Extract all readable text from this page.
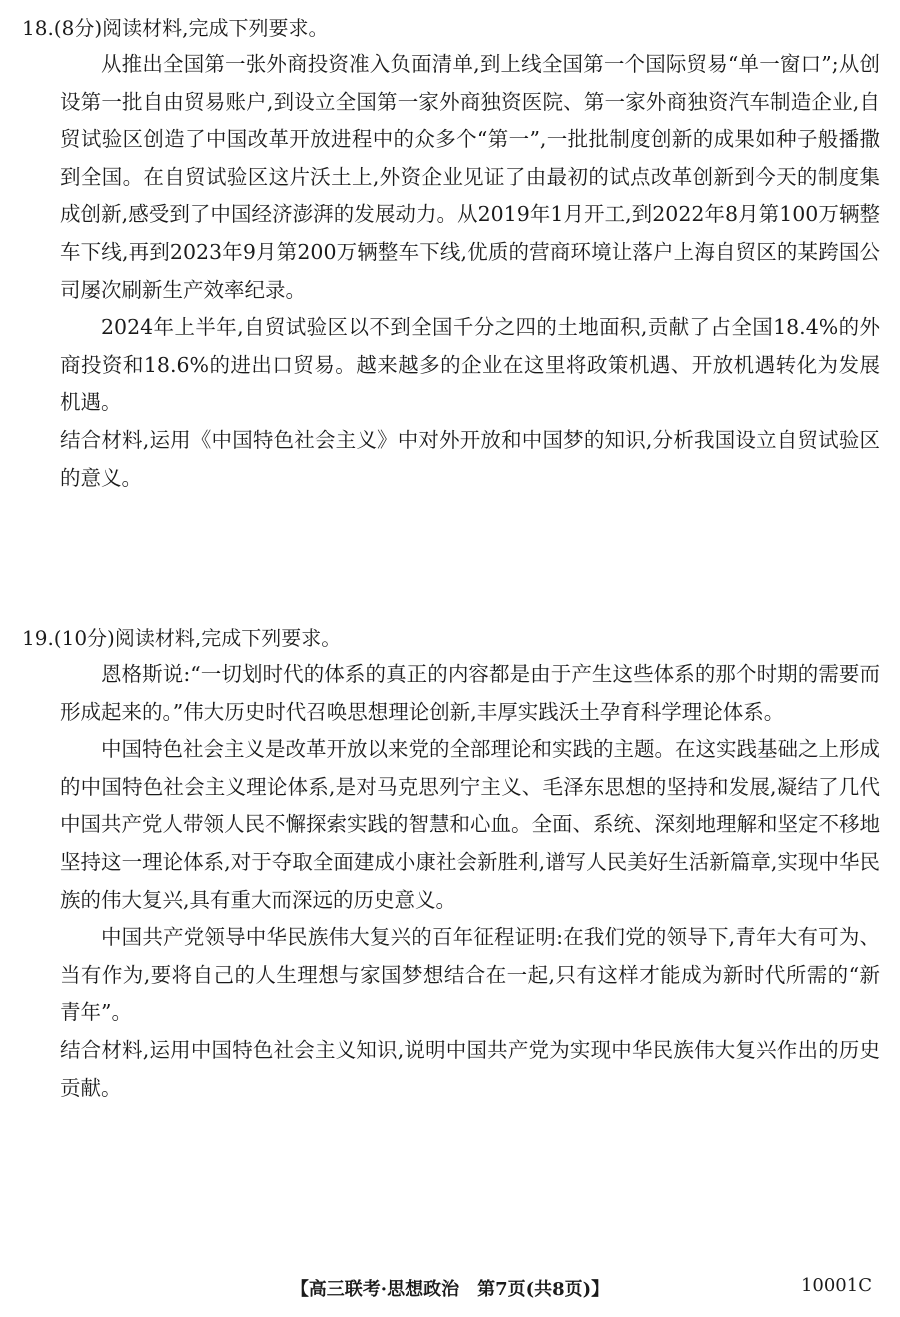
18.(8分)阅读材料,完成下列要求。

从推出全国第一张外商投资准入负面清单,到上线全国第一个国际贸易“单一窗口”;从创设第一批自由贸易账户,到设立全国第一家外商独资医院、第一家外商独资汽车制造企业,自贸试验区创造了中国改革开放进程中的众多个“第一”,一批批制度创新的成果如种子般播撒到全国。在自贸试验区这片沃土上,外资企业见证了由最初的试点改革创新到今天的制度集成创新,感受到了中国经济澎湃的发展动力。从2019年1月开工,到2022年8月第100万辆整车下线,再到2023年9月第200万辆整车下线,优质的营商环境让落户上海自贸区的某跨国公司屡次刷新生产效率纪录。

2024年上半年,自贸试验区以不到全国千分之四的土地面积,贡献了占全国18.4%的外商投资和18.6%的进出口贸易。越来越多的企业在这里将政策机遇、开放机遇转化为发展机遇。

结合材料,运用《中国特色社会主义》中对外开放和中国梦的知识,分析我国设立自贸试验区的意义。

19.(10分)阅读材料,完成下列要求。

恩格斯说:“一切划时代的体系的真正的内容都是由于产生这些体系的那个时期的需要而形成起来的。”伟大历史时代召唤思想理论创新,丰厚实践沃土孕育科学理论体系。

中国特色社会主义是改革开放以来党的全部理论和实践的主题。在这实践基础之上形成的中国特色社会主义理论体系,是对马克思列宁主义、毛泽东思想的坚持和发展,凝结了几代中国共产党人带领人民不懈探索实践的智慧和心血。全面、系统、深刻地理解和坚定不移地坚持这一理论体系,对于夺取全面建成小康社会新胜利,谱写人民美好生活新篇章,实现中华民族的伟大复兴,具有重大而深远的历史意义。

中国共产党领导中华民族伟大复兴的百年征程证明:在我们党的领导下,青年大有可为、当有作为,要将自己的人生理想与家国梦想结合在一起,只有这样才能成为新时代所需的“新青年”。

结合材料,运用中国特色社会主义知识,说明中国共产党为实现中华民族伟大复兴作出的历史贡献。

【高三联考·思想政治　第7页(共8页)】	10001C
